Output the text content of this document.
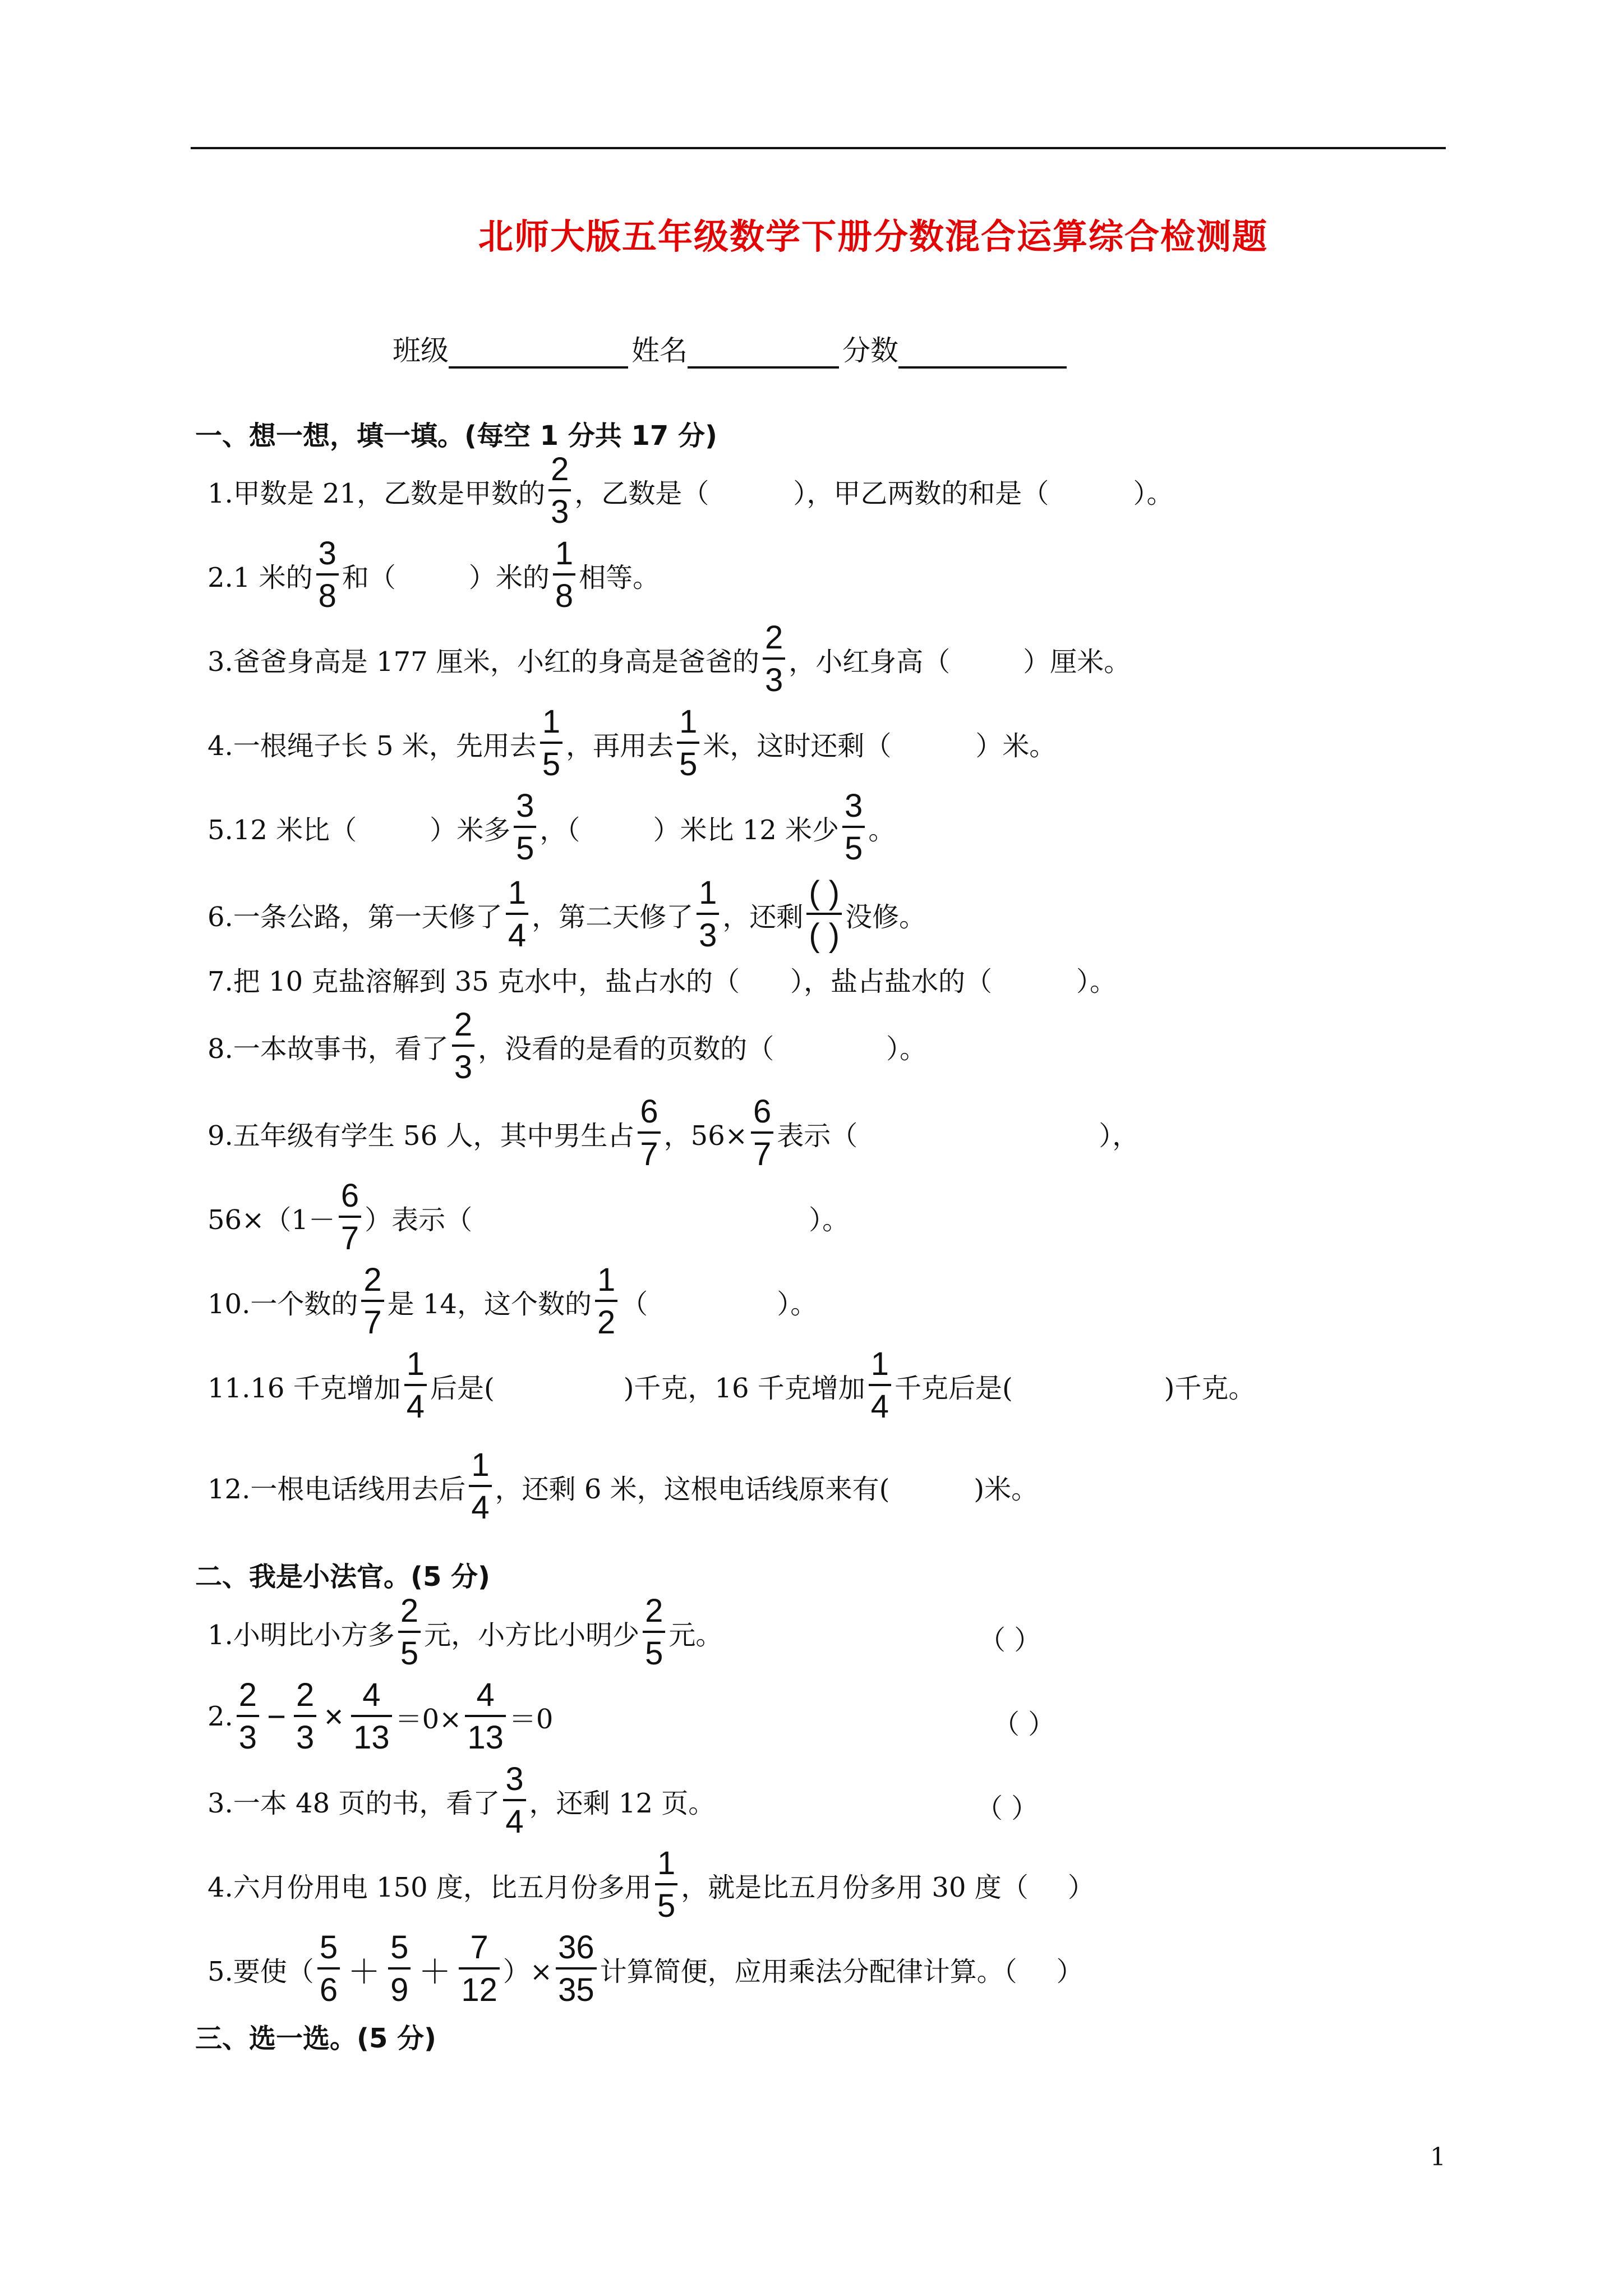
北师大版五年级数学下册分数混合运算综合检测题
班级	姓名	分数
一、想一想，填一填。(每空 1 分共 17 分)
1.甲数是 21，乙数是甲数的 $\frac{2}{3}$ ，乙数是（	），甲乙两数的和是（	）。
2.1 米的 $\frac{3}{8}$ 和（	）米的 $\frac{1}{8}$ 相等。
3.爸爸身高是 177 厘米，小红的身高是爸爸的 $\frac{2}{3}$ ，小红身高（	）厘米。
4.一根绳子长 5 米，先用去 $\frac{1}{5}$ ，再用去 $\frac{1}{5}$ 米，这时还剩（	）米。
5.12 米比（	）米多 $\frac{3}{5}$ ，（	）米比 12 米少 $\frac{3}{5}$ 。
6.一条公路，第一天修了 $\frac{1}{4}$ ，第二天修了 $\frac{1}{3}$ ，还剩 $\frac{( )}{( )}$ 没修。
7.把 10 克盐溶解到 35 克水中，盐占水的（ ），盐占盐水的（	）。
8.一本故事书，看了 $\frac{2}{3}$ ，没看的是看的页数的（	）。
9.五年级有学生 56 人，其中男生占 $\frac{6}{7}$ ，$56\times \frac{6}{7}$ 表示（	），
$56\times(1- \frac{6}{7}$ ）表示（	）。
10.一个数的 $\frac{2}{7}$ 是 14，这个数的 $\frac{1}{2}$ （	）。
11.16 千克增加 $\frac{1}{4}$ 后是(	)千克，16 千克增加 $\frac{1}{4}$ 千克后是(	)千克。
12.一根电话线用去后 $\frac{1}{4}$ ，还剩 6 米，这根电话线原来有(	)米。
二、我是小法官。(5 分)
1.小明比小方多 $\frac{2}{5}$ 元，小方比小明少 $\frac{2}{5}$ 元。	（ ）
2. $\frac{2}{3} - \frac{2}{3} \times \frac{4}{13} =0\times \frac{4}{13} =0$	（ ）
3.一本 48 页的书，看了 $\frac{3}{4}$ ，还剩 12 页。	（ ）
4.六月份用电 150 度，比五月份多用 $\frac{1}{5}$ ，就是比五月份多用 30 度（ ）
5.要使（ $\frac{5}{6} + \frac{5}{9} + \frac{7}{12}$ ）× $\frac{36}{35}$ 计算简便，应用乘法分配律计算。（ ）
三、选一选。(5 分)
1
